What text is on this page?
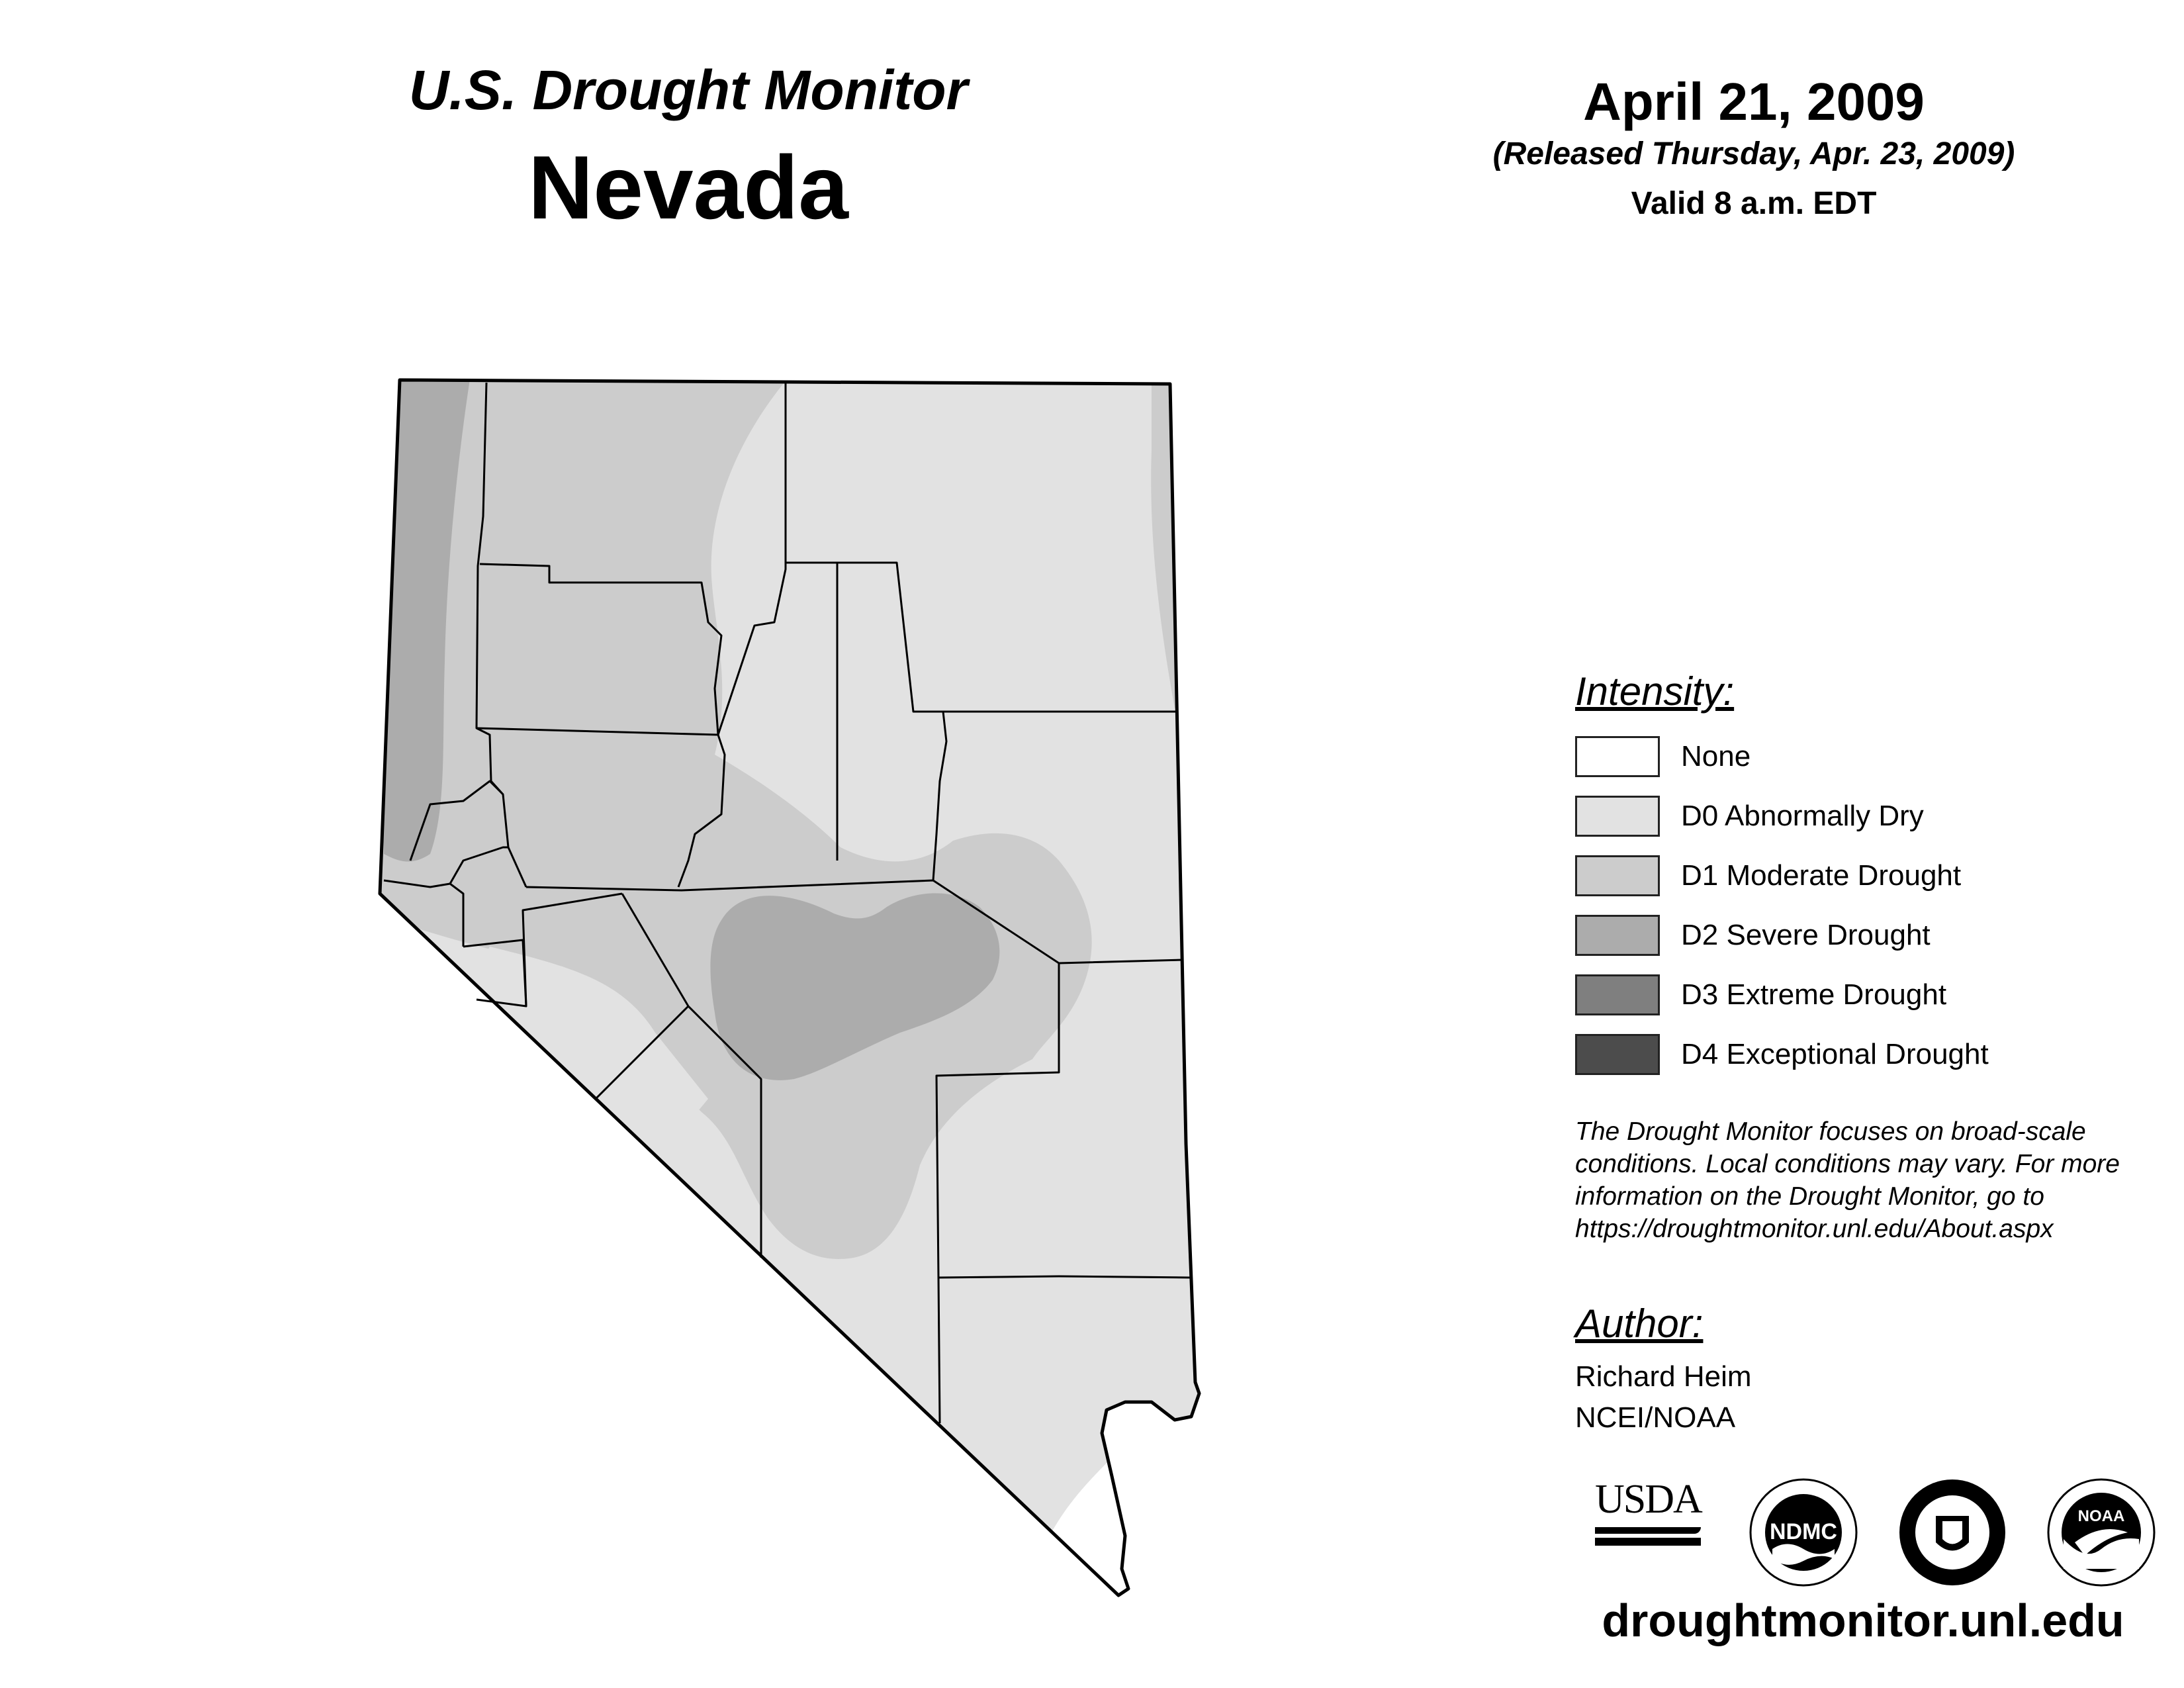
U.S. Drought Monitor
Nevada
April 21, 2009
(Released Thursday, Apr. 23, 2009)
Valid 8 a.m. EDT
Intensity:
None
D0 Abnormally Dry
D1 Moderate Drought
D2 Severe Drought
D3 Extreme Drought
D4 Exceptional Drought
The Drought Monitor focuses on broad-scale conditions. Local conditions may vary. For more information on the Drought Monitor, go to https://droughtmonitor.unl.edu/About.aspx
Author:
Richard Heim
NCEI/NOAA
USDA
NDMC
NOAA
droughtmonitor.unl.edu
